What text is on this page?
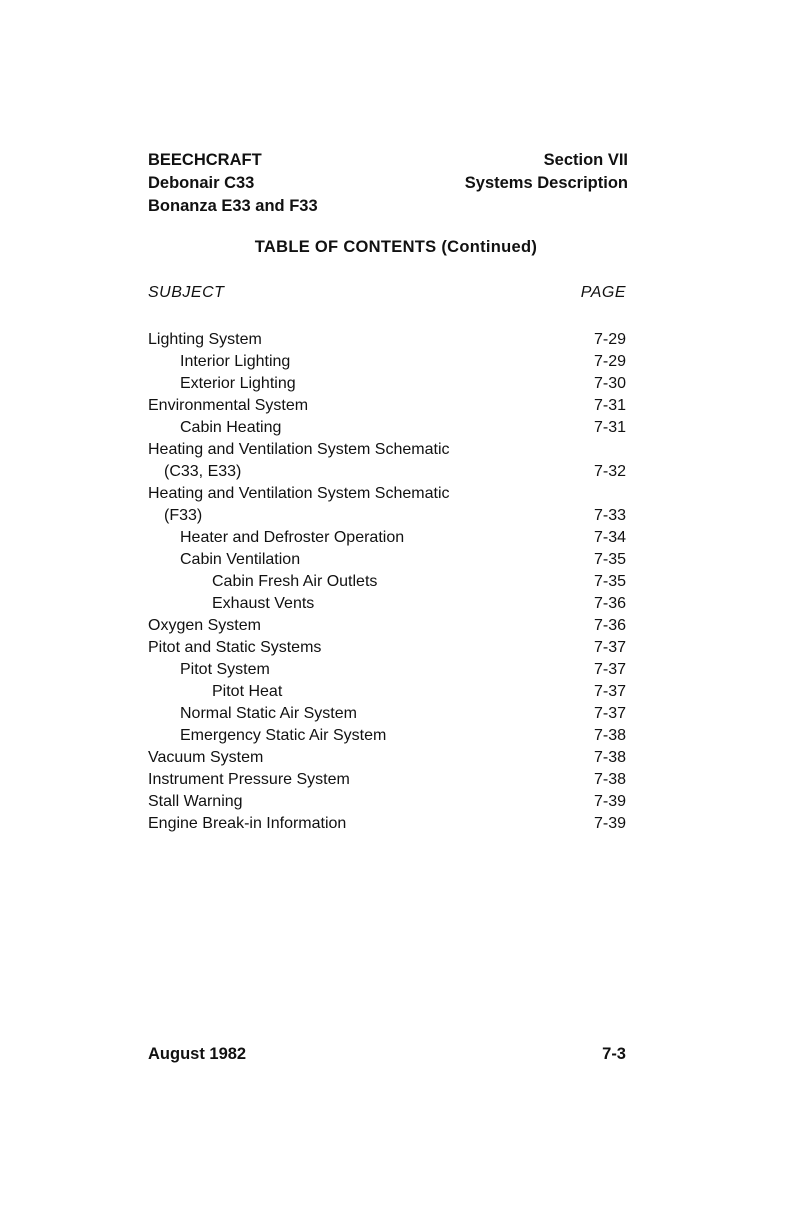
BEECHCRAFT
Debonair C33
Bonanza E33 and F33
Section VII
Systems Description
TABLE OF CONTENTS (Continued)
SUBJECT	PAGE
Lighting System	7-29
Interior Lighting	7-29
Exterior Lighting	7-30
Environmental System	7-31
Cabin Heating	7-31
Heating and Ventilation System Schematic
(C33, E33)	7-32
Heating and Ventilation System Schematic
(F33)	7-33
Heater and Defroster Operation	7-34
Cabin Ventilation	7-35
Cabin Fresh Air Outlets	7-35
Exhaust Vents	7-36
Oxygen System	7-36
Pitot and Static Systems	7-37
Pitot System	7-37
Pitot Heat	7-37
Normal Static Air System	7-37
Emergency Static Air System	7-38
Vacuum System	7-38
Instrument Pressure System	7-38
Stall Warning	7-39
Engine Break-in Information	7-39
August 1982	7-3
